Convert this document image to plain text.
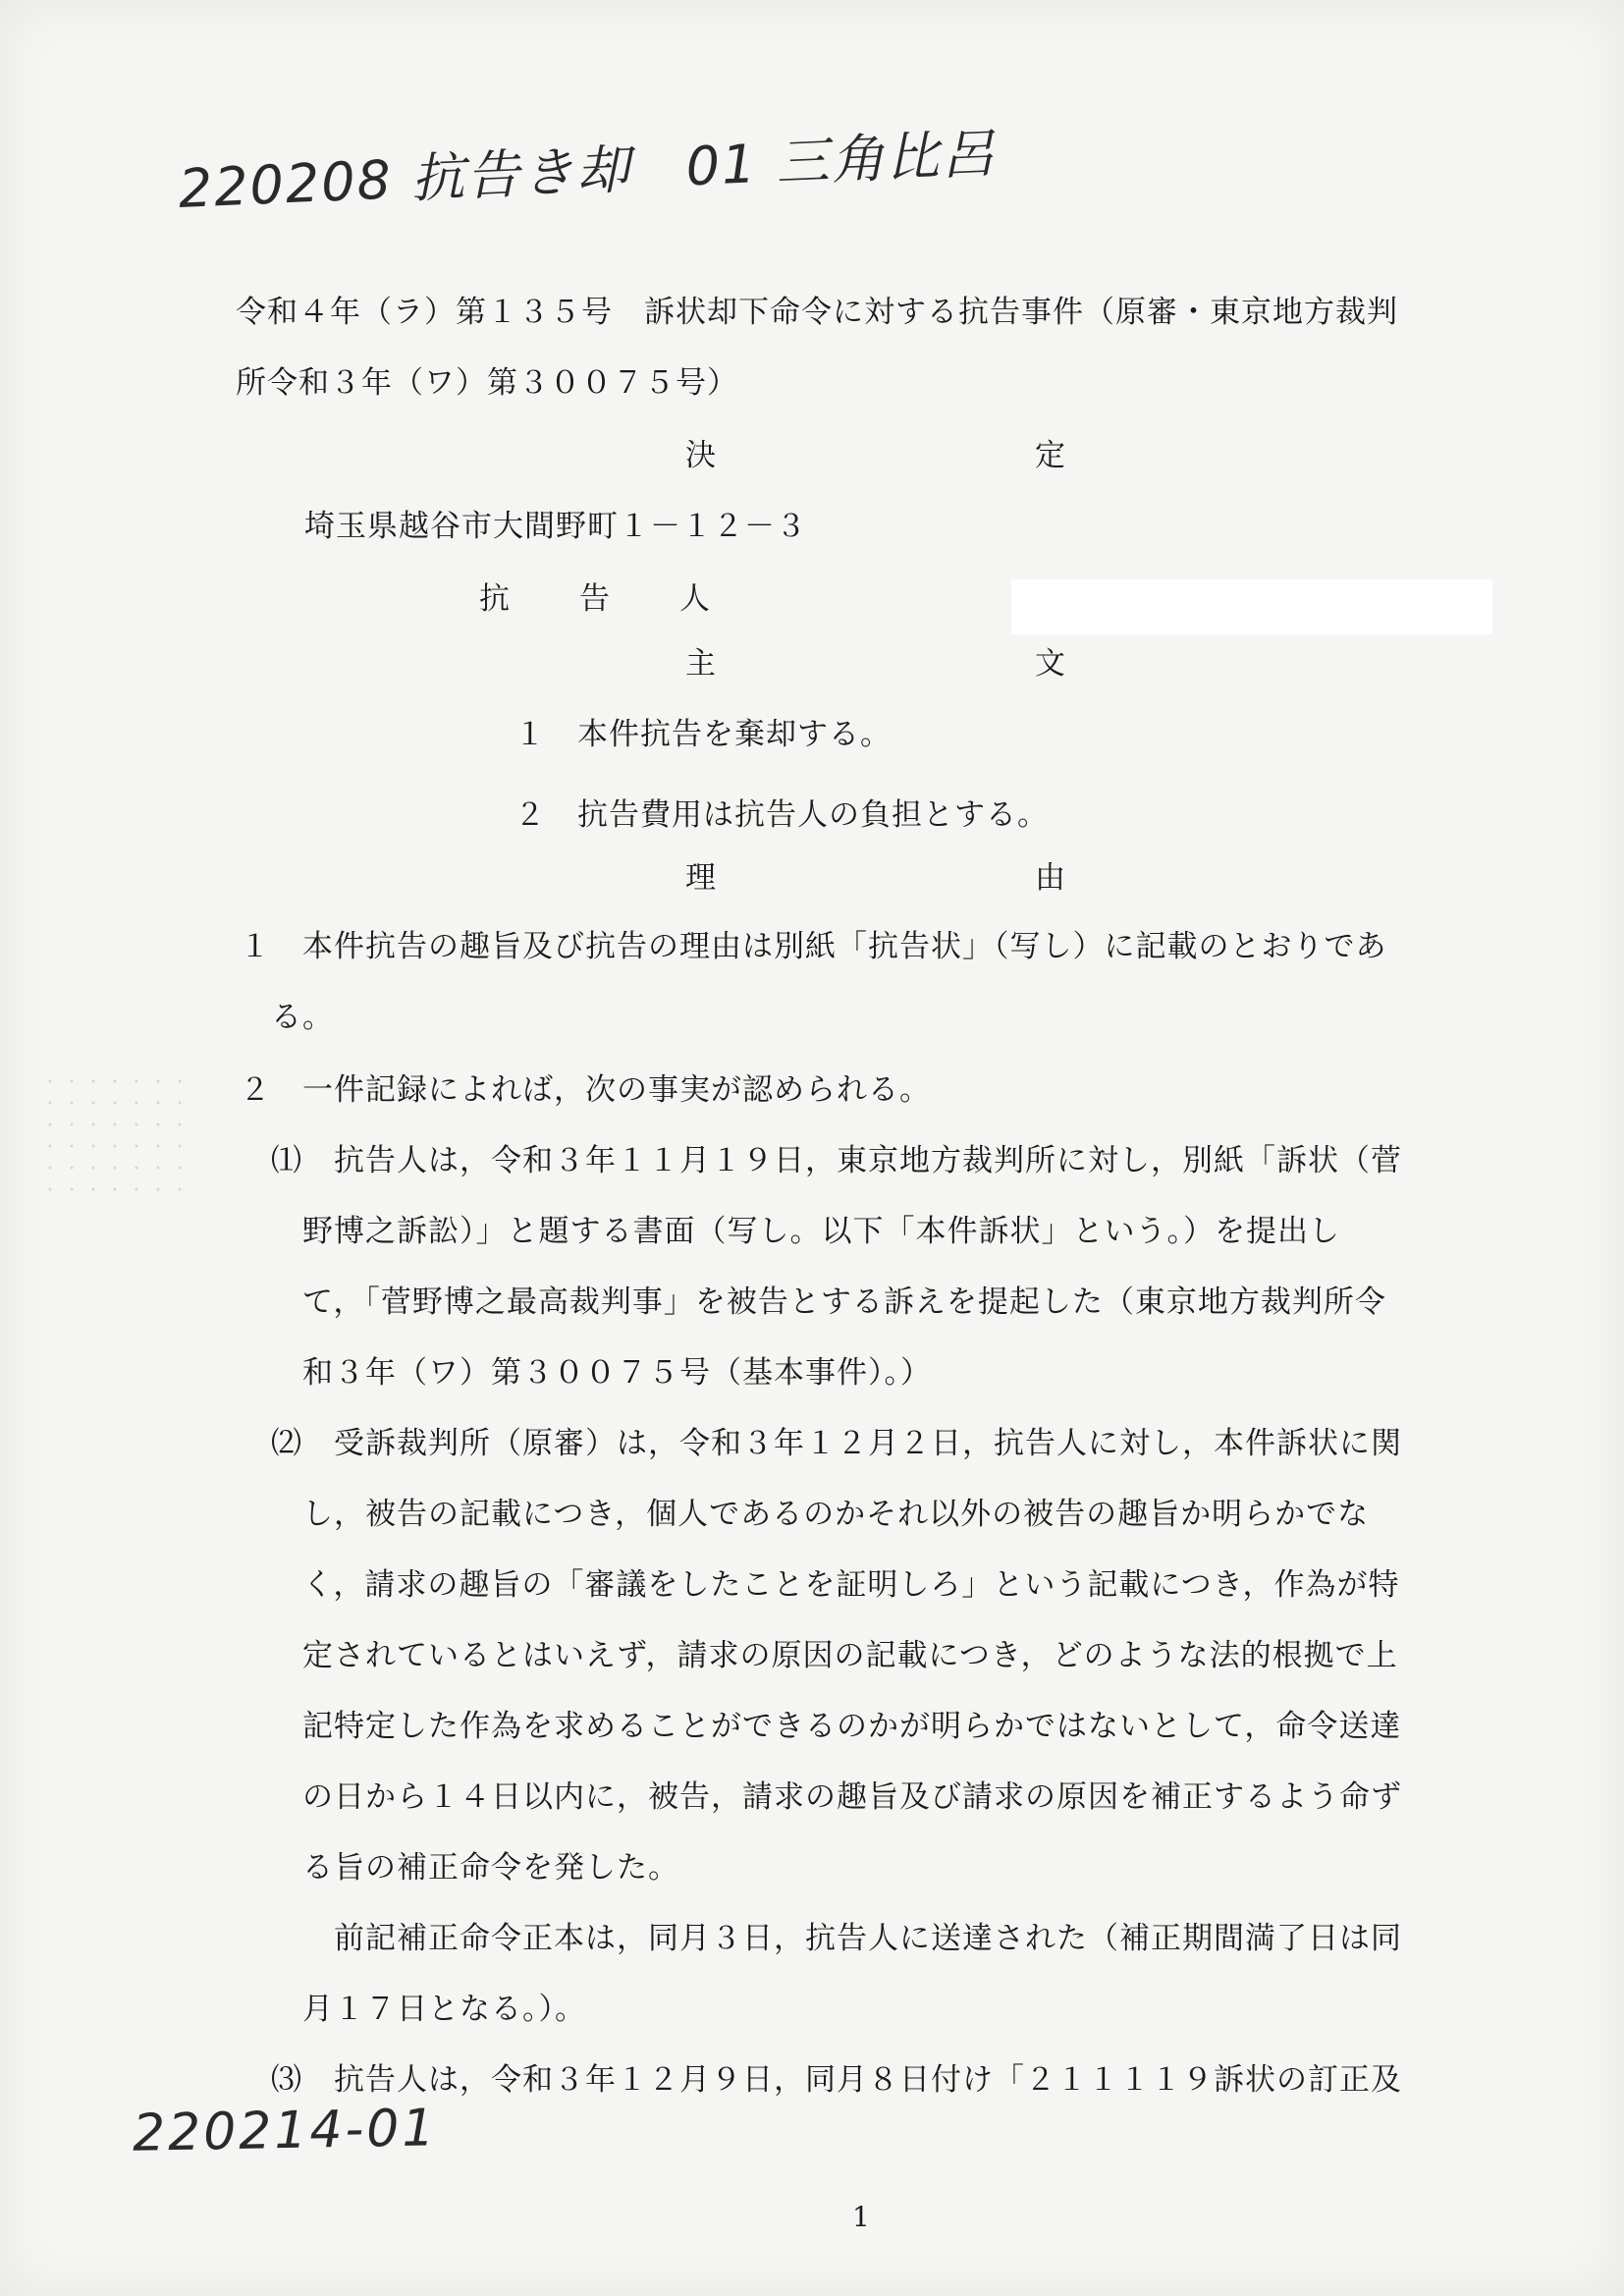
220208 抗告き却　01 三角比呂
令和４年（ラ）第１３５号　訴状却下命令に対する抗告事件（原審・東京地方裁判
所令和３年（ワ）第３００７５号）
決	定
埼玉県越谷市大間野町１－１２－３
抗 告 人
主	文
１　本件抗告を棄却する。
２　抗告費用は抗告人の負担とする。
理	由
１　本件抗告の趣旨及び抗告の理由は別紙「抗告状」（写し）に記載のとおりであ
　る。
２　一件記録によれば，次の事実が認められる。
　⑴　抗告人は，令和３年１１月１９日，東京地方裁判所に対し，別紙「訴状（菅
　　野博之訴訟）」と題する書面（写し。以下「本件訴状」という。）を提出し
　　て，「菅野博之最高裁判事」を被告とする訴えを提起した（東京地方裁判所令
　　和３年（ワ）第３００７５号（基本事件）。）
　⑵　受訴裁判所（原審）は，令和３年１２月２日，抗告人に対し，本件訴状に関
　　し，被告の記載につき，個人であるのかそれ以外の被告の趣旨か明らかでな
　　く，請求の趣旨の「審議をしたことを証明しろ」という記載につき，作為が特
　　定されているとはいえず，請求の原因の記載につき，どのような法的根拠で上
　　記特定した作為を求めることができるのかが明らかではないとして，命令送達
　　の日から１４日以内に，被告，請求の趣旨及び請求の原因を補正するよう命ず
　　る旨の補正命令を発した。
　　　前記補正命令正本は，同月３日，抗告人に送達された（補正期間満了日は同
　　月１７日となる。）。
　⑶　抗告人は，令和３年１２月９日，同月８日付け「２１１１１９訴状の訂正及
220214-01
1
